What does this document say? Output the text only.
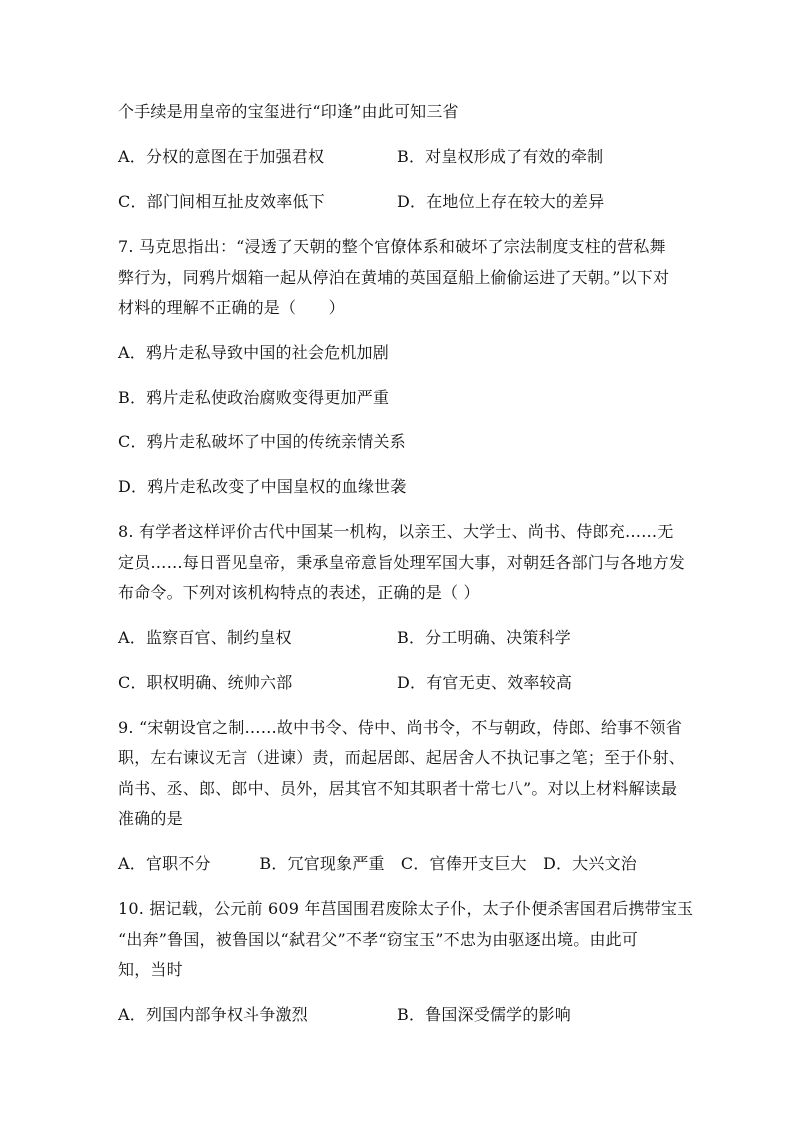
个手续是用皇帝的宝玺进行“印逢”由此可知三省
A．分权的意图在于加强君权	B．对皇权形成了有效的牵制
C．部门间相互扯皮效率低下	D．在地位上存在较大的差异
7. 马克思指出：“浸透了天朝的整个官僚体系和破坏了宗法制度支柱的营私舞
弊行为，同鸦片烟箱一起从停泊在黄埔的英国趸船上偷偷运进了天朝。”以下对
材料的理解不正确的是（　　）
A．鸦片走私导致中国的社会危机加剧
B．鸦片走私使政治腐败变得更加严重
C．鸦片走私破坏了中国的传统亲情关系
D．鸦片走私改变了中国皇权的血缘世袭
8. 有学者这样评价古代中国某一机构，以亲王、大学士、尚书、侍郎充……无
定员……每日晋见皇帝，秉承皇帝意旨处理军国大事，对朝廷各部门与各地方发
布命令。下列对该机构特点的表述，正确的是（ ）
A．监察百官、制约皇权	B．分工明确、决策科学
C．职权明确、统帅六部	D．有官无吏、效率较高
9. “宋朝设官之制……故中书令、侍中、尚书令，不与朝政，侍郎、给事不领省
职，左右谏议无言（进谏）责，而起居郎、起居舍人不执记事之笔；至于仆射、
尚书、丞、郎、郎中、员外，居其官不知其职者十常七八”。对以上材料解读最
准确的是
A．官职不分　　　B．冗官现象严重　C．官俸开支巨大　D．大兴文治
10. 据记载，公元前 609 年莒国围君废除太子仆，太子仆便杀害国君后携带宝玉
“出奔”鲁国，被鲁国以“弑君父”不孝“窃宝玉”不忠为由驱逐出境。由此可
知，当时
A．列国内部争权斗争激烈	B．鲁国深受儒学的影响
